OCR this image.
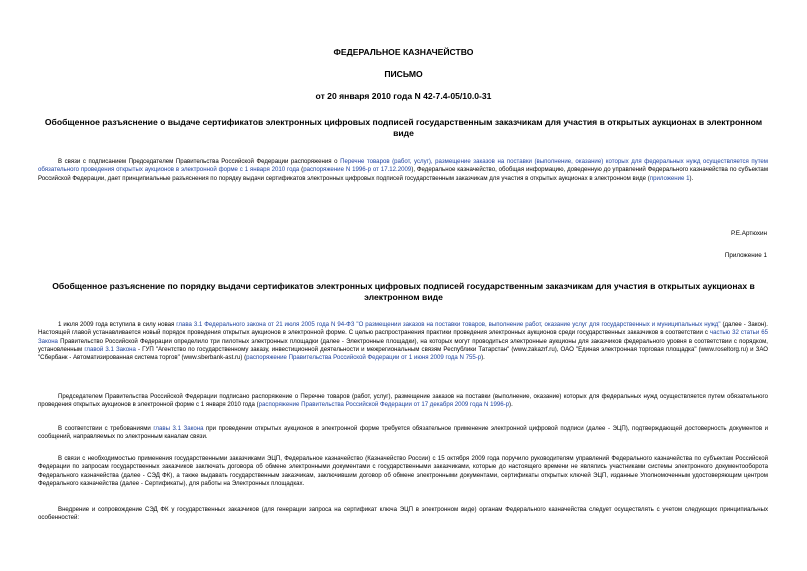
ФЕДЕРАЛЬНОЕ КАЗНАЧЕЙСТВО
ПИСЬМО
от 20 января 2010 года N 42-7.4-05/10.0-31
Обобщенное разъяснение о выдаче сертификатов электронных цифровых подписей государственным заказчикам для участия в открытых аукционах в электронном виде
В связи с подписанием Председателем Правительства Российской Федерации распоряжения о Перечне товаров (работ, услуг), размещение заказов на поставки (выполнение, оказание) которых для федеральных нужд осуществляется путем обязательного проведения открытых аукционов в электронной форме с 1 января 2010 года (распоряжение N 1996-р от 17.12.2009), Федеральное казначейство, обобщая информацию, доведенную до управлений Федерального казначейства по субъектам Российской Федерации, дает принципиальные разъяснения по порядку выдачи сертификатов электронных цифровых подписей государственным заказчикам для участия в открытых аукционах в электронном виде (приложение 1).
Р.Е.Артюхин
Приложение 1
Обобщенное разъяснение по порядку выдачи сертификатов электронных цифровых подписей государственным заказчикам для участия в открытых аукционах в электронном виде
1 июля 2009 года вступила в силу новая глава 3.1 Федерального закона от 21 июля 2005 года N 94-ФЗ "О размещении заказов на поставки товаров, выполнение работ, оказание услуг для государственных и муниципальных нужд" (далее - Закон). Настоящей главой устанавливается новый порядок проведения открытых аукционов в электронной форме. С целью распространения практики проведения электронных аукционов среди государственных заказчиков в соответствии с частью 32 статьи 65 Закона Правительство Российской Федерации определило три пилотных электронных площадки (далее - Электронные площадки), на которых могут проводиться электронные аукционы для заказчиков федерального уровня в соответствии с порядком, установленным главой 3.1 Закона - ГУП "Агентство по государственному заказу, инвестиционной деятельности и межрегиональным связям Республики Татарстан" (www.zakazrf.ru), ОАО "Единая электронная торговая площадка" (www.roseltorg.ru) и ЗАО "Сбербанк - Автоматизированная система торгов" (www.sberbank-ast.ru) (распоряжение Правительства Российской Федерации от 1 июня 2009 года N 755-р).
Председателем Правительства Российской Федерации подписано распоряжение о Перечне товаров (работ, услуг), размещение заказов на поставки (выполнение, оказание) которых для федеральных нужд осуществляется путем обязательного проведения открытых аукционов в электронной форме с 1 января 2010 года (распоряжение Правительства Российской Федерации от 17 декабря 2009 года N 1996-р).
В соответствии с требованиями главы 3.1 Закона при проведении открытых аукционов в электронной форме требуется обязательное применение электронной цифровой подписи (далее - ЭЦП), подтверждающей достоверность документов и сообщений, направляемых по электронным каналам связи.
В связи с необходимостью применения государственными заказчиками ЭЦП, Федеральное казначейство (Казначейство России) с 15 октября 2009 года поручило руководителям управлений Федерального казначейства по субъектам Российской Федерации по запросам государственных заказчиков заключать договора об обмене электронными документами с государственными заказчиками, которые до настоящего времени не являлись участниками системы электронного документооборота Федерального казначейства (далее - СЭД ФК), а также выдавать государственным заказчикам, заключившим договор об обмене электронными документами, сертификаты открытых ключей ЭЦП, изданные Уполномоченным удостоверяющим центром Федерального казначейства (далее - Сертификаты), для работы на Электронных площадках.
Внедрение и сопровождение СЭД ФК у государственных заказчиков (для генерации запроса на сертификат ключа ЭЦП в электронном виде) органам Федерального казначейства следует осуществлять с учетом следующих принципиальных особенностей:
